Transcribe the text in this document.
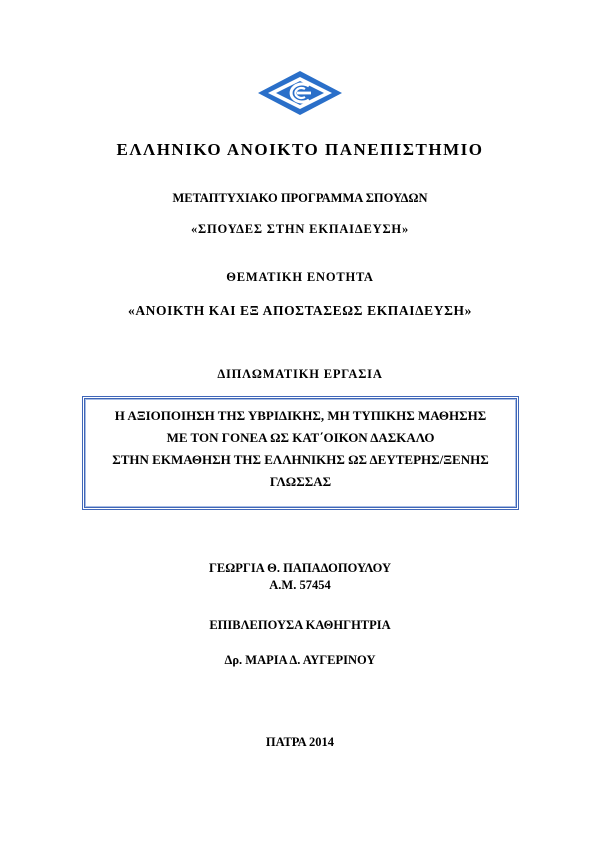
ΕΛΛΗΝΙΚΟ ΑΝΟΙΚΤΟ ΠΑΝΕΠΙΣΤΗΜΙΟ
ΜΕΤΑΠΤΥΧΙΑΚΟ ΠΡΟΓΡΑΜΜΑ ΣΠΟΥΔΩΝ
«ΣΠΟΥΔΕΣ ΣΤΗΝ ΕΚΠΑΙΔΕΥΣΗ»
ΘΕΜΑΤΙΚΗ ΕΝΟΤΗΤΑ
«ΑΝΟΙΚΤΗ ΚΑΙ ΕΞ ΑΠΟΣΤΑΣΕΩΣ ΕΚΠΑΙΔΕΥΣΗ»
ΔΙΠΛΩΜΑΤΙΚΗ ΕΡΓΑΣΙΑ
Η ΑΞΙΟΠΟΙΗΣΗ ΤΗΣ ΥΒΡΙΔΙΚΗΣ, ΜΗ ΤΥΠΙΚΗΣ ΜΑΘΗΣΗΣ
ΜΕ ΤΟΝ ΓΟΝΕΑ ΩΣ ΚΑΤ΄ΟΙΚΟΝ ΔΑΣΚΑΛΟ
ΣΤΗΝ ΕΚΜΑΘΗΣΗ ΤΗΣ ΕΛΛΗΝΙΚΗΣ ΩΣ ΔΕΥΤΕΡΗΣ/ΞΕΝΗΣ
ΓΛΩΣΣΑΣ
ΓΕΩΡΓΙΑ Θ. ΠΑΠΑΔΟΠΟΥΛΟΥ
Α.Μ. 57454
ΕΠΙΒΛΕΠΟΥΣΑ ΚΑΘΗΓΗΤΡΙΑ
Δρ. ΜΑΡΙΑ Δ. ΑΥΓΕΡΙΝΟΥ
ΠΑΤΡΑ 2014
